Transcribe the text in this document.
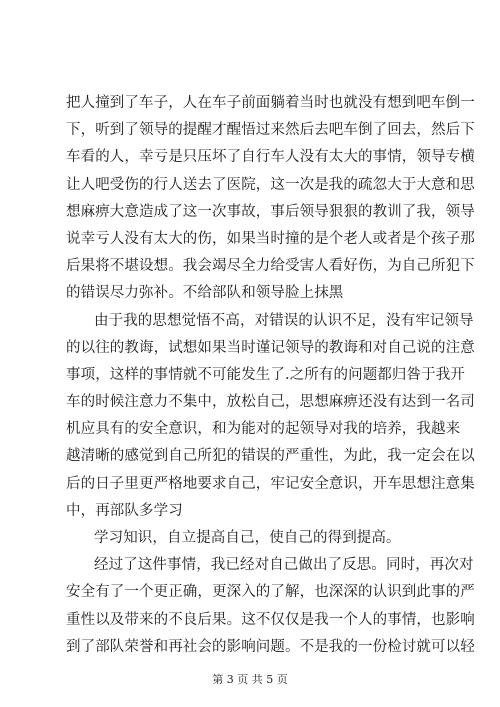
把人撞到了车子，人在车子前面躺着当时也就没有想到吧车倒一
下，听到了领导的提醒才醒悟过来然后去吧车倒了回去，然后下
车看的人，幸亏是只压坏了自行车人没有太大的事情，领导专横
让人吧受伤的行人送去了医院，这一次是我的疏忽大于大意和思
想麻痹大意造成了这一次事故，事后领导狠狠的教训了我，领导
说幸亏人没有太大的伤，如果当时撞的是个老人或者是个孩子那
后果将不堪设想。我会竭尽全力给受害人看好伤，为自己所犯下
的错误尽力弥补。不给部队和领导脸上抹黑
由于我的思想觉悟不高，对错误的认识不足，没有牢记领导
的以往的教诲，试想如果当时谨记领导的教诲和对自己说的注意
事项，这样的事情就不可能发生了.之所有的问题都归咎于我开
车的时候注意力不集中，放松自己，思想麻痹还没有达到一名司
机应具有的安全意识，和为能对的起领导对我的培养，我越来
越清晰的感觉到自己所犯的错误的严重性，为此，我一定会在以
后的日子里更严格地要求自己，牢记安全意识，开车思想注意集
中，再部队多学习
学习知识，自立提高自己，使自己的得到提高。
经过了这件事情，我已经对自己做出了反思。同时，再次对
安全有了一个更正确，更深入的了解，也深深的认识到此事的严
重性以及带来的不良后果。这不仅仅是我一个人的事情，也影响
到了部队荣誉和再社会的影响问题。不是我的一份检讨就可以轻
第 3 页 共 5 页
